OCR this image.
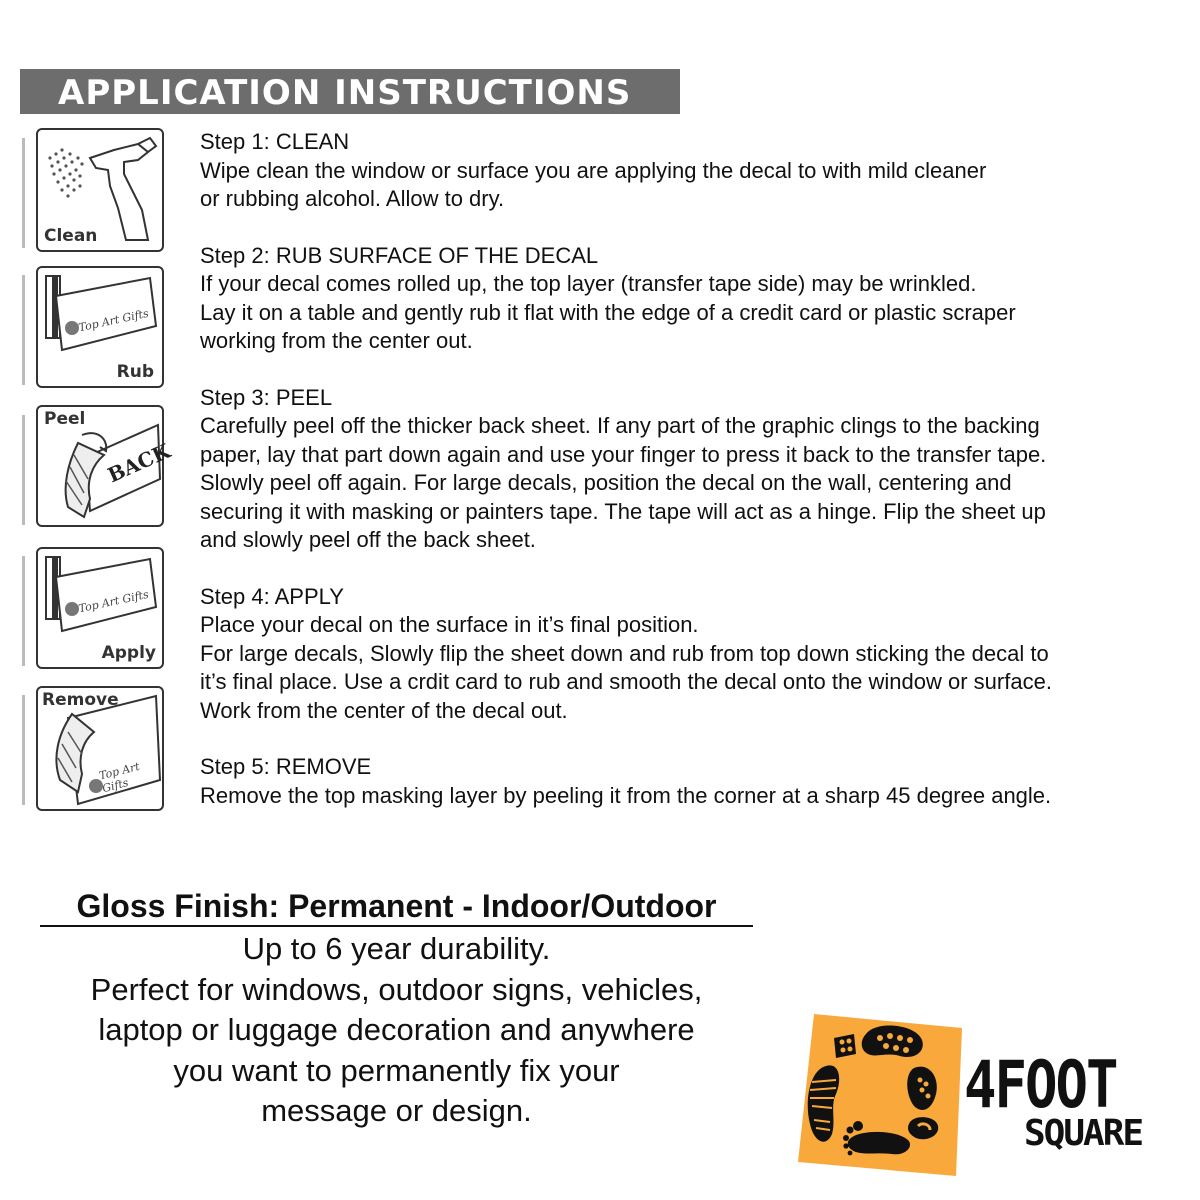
APPLICATION INSTRUCTIONS
Clean
Top Art Gifts
Rub
BACK
Peel
Top Art Gifts
Apply
Top Art Gifts
Remove
Step 1: CLEAN
Wipe clean the window or surface you are applying the decal to with mild cleaner
or rubbing alcohol. Allow to dry.
Step 2: RUB SURFACE OF THE DECAL
If your decal comes rolled up, the top layer (transfer tape side) may be wrinkled.
Lay it on a table and gently rub it flat with the edge of a credit card or plastic scraper
working from the center out.
Step 3: PEEL
Carefully peel off the thicker back sheet. If any part of the graphic clings to the backing
paper, lay that part down again and use your finger to press it back to the transfer tape.
Slowly peel off again. For large decals, position the decal on the wall, centering and
securing it with masking or painters tape. The tape will act as a hinge. Flip the sheet up
and slowly peel off the back sheet.
Step 4: APPLY
Place your decal on the surface in it’s final position.
For large decals, Slowly flip the sheet down and rub from top down sticking the decal to
it’s final place. Use a crdit card to rub and smooth the decal onto the window or surface.
Work from the center of the decal out.
Step 5: REMOVE
Remove the top masking layer by peeling it from the corner at a sharp 45 degree angle.
Gloss Finish: Permanent - Indoor/Outdoor
Up to 6 year durability.
Perfect for windows, outdoor signs, vehicles,
laptop or luggage decoration and anywhere
you want to permanently fix your
message or design.	4FOOT
SQUARE
